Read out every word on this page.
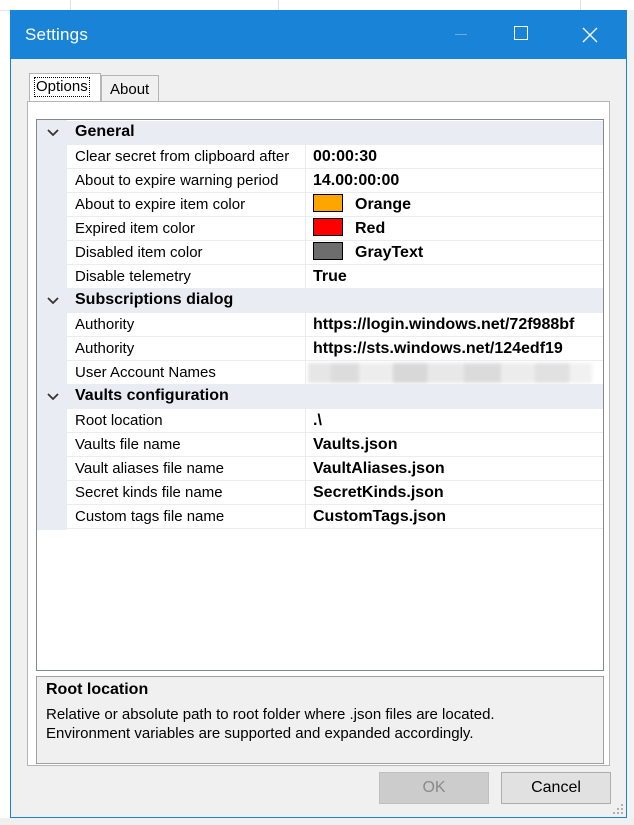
Settings
About
Options
General
Clear secret from clipboard after	00:00:30
About to expire warning period	14.00:00:00
About to expire item color	Orange
Expired item color	Red
Disabled item color	GrayText
Disable telemetry	True
Subscriptions dialog
Authority	https://login.windows.net/72f988bf
Authority	https://sts.windows.net/124edf19
User Account Names
Vaults configuration
Root location	.\
Vaults file name	Vaults.json
Vault aliases file name	VaultAliases.json
Secret kinds file name	SecretKinds.json
Custom tags file name	CustomTags.json
Root location
Relative or absolute path to root folder where .json files are located.
Environment variables are supported and expanded accordingly.
OK	Cancel
